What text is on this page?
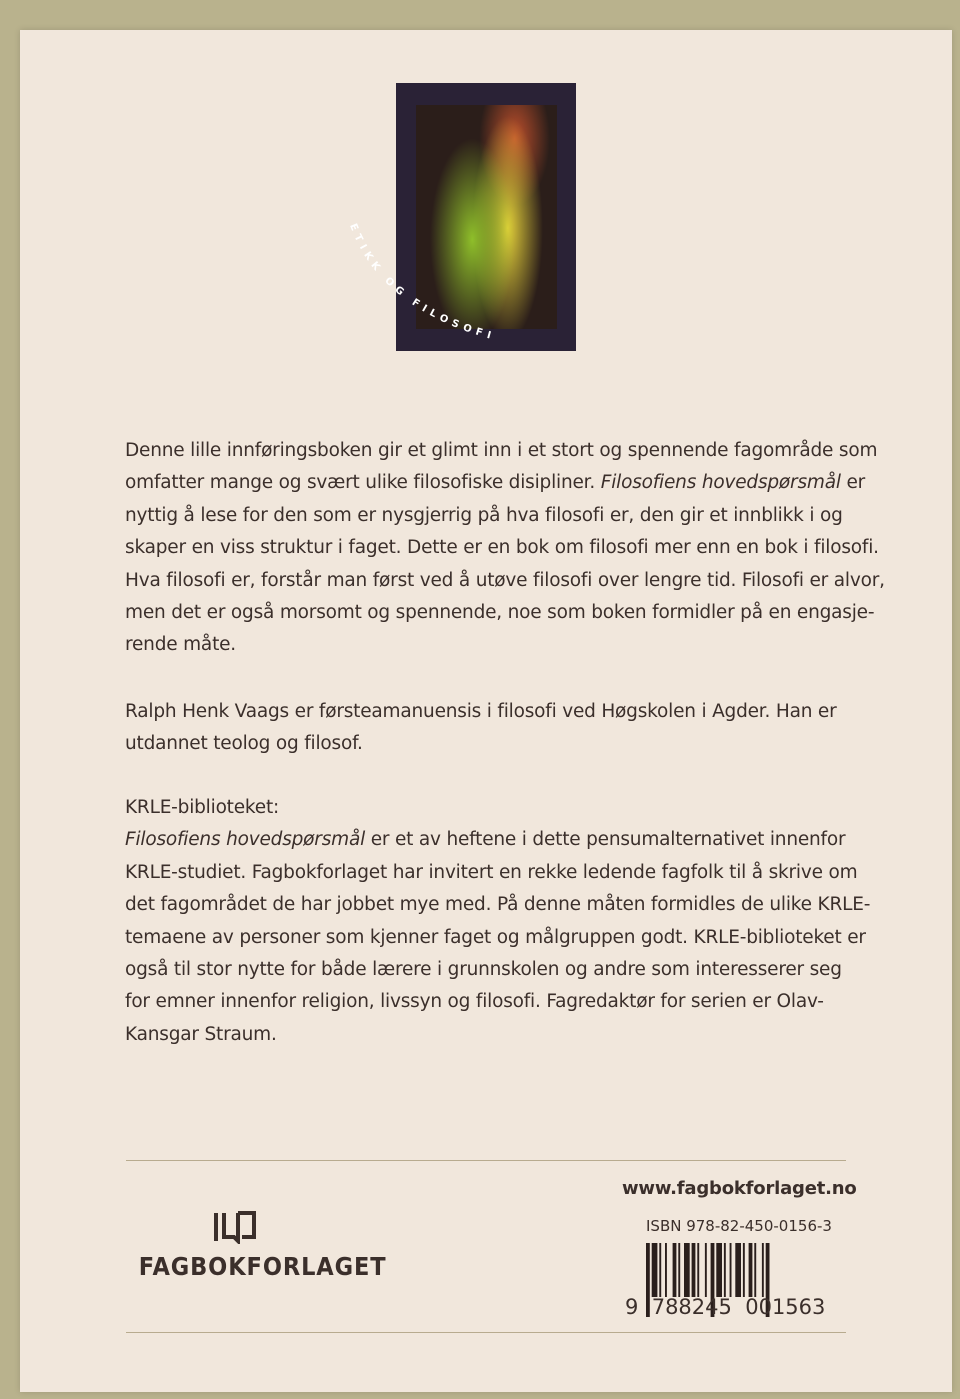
Denne lille innføringsboken gir et glimt inn i et stort og spennende fagområde som
omfatter mange og svært ulike filosofiske disipliner. Filosofiens hovedspørsmål er
nyttig å lese for den som er nysgjerrig på hva filosofi er, den gir et innblikk i og
skaper en viss struktur i faget. Dette er en bok om filosofi mer enn en bok i filosofi.
Hva filosofi er, forstår man først ved å utøve filosofi over lengre tid. Filosofi er alvor,
men det er også morsomt og spennende, noe som boken formidler på en engasje-
rende måte.
Ralph Henk Vaags er førsteamanuensis i filosofi ved Høgskolen i Agder. Han er
utdannet teolog og filosof.
KRLE-biblioteket:
Filosofiens hovedspørsmål er et av heftene i dette pensumalternativet innenfor
KRLE-studiet. Fagbokforlaget har invitert en rekke ledende fagfolk til å skrive om
det fagområdet de har jobbet mye med. På denne måten formidles de ulike KRLE-
temaene av personer som kjenner faget og målgruppen godt. KRLE-biblioteket er
også til stor nytte for både lærere i grunnskolen og andre som interesserer seg
for emner innenfor religion, livssyn og filosofi. Fagredaktør for serien er Olav-
Kansgar Straum.

FAGBOKFORLAGET
www.fagbokforlaget.no
ISBN 978-82-450-0156-3
9  788245  001563
ETIKK OG FILOSOFI
